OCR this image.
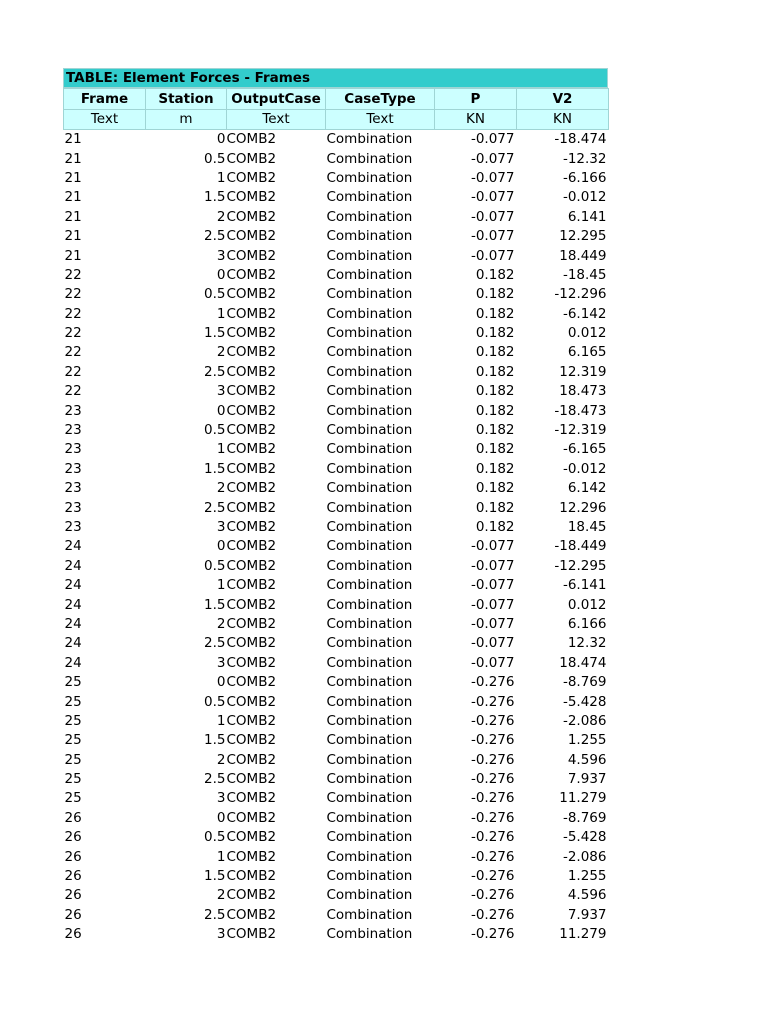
TABLE: Element Forces - Frames
Frame	Station	OutputCase	CaseType	P	V2
Text	m	Text	Text	KN	KN
21	0	COMB2	Combination	-0.077	-18.474
21	0.5	COMB2	Combination	-0.077	-12.32
21	1	COMB2	Combination	-0.077	-6.166
21	1.5	COMB2	Combination	-0.077	-0.012
21	2	COMB2	Combination	-0.077	6.141
21	2.5	COMB2	Combination	-0.077	12.295
21	3	COMB2	Combination	-0.077	18.449
22	0	COMB2	Combination	0.182	-18.45
22	0.5	COMB2	Combination	0.182	-12.296
22	1	COMB2	Combination	0.182	-6.142
22	1.5	COMB2	Combination	0.182	0.012
22	2	COMB2	Combination	0.182	6.165
22	2.5	COMB2	Combination	0.182	12.319
22	3	COMB2	Combination	0.182	18.473
23	0	COMB2	Combination	0.182	-18.473
23	0.5	COMB2	Combination	0.182	-12.319
23	1	COMB2	Combination	0.182	-6.165
23	1.5	COMB2	Combination	0.182	-0.012
23	2	COMB2	Combination	0.182	6.142
23	2.5	COMB2	Combination	0.182	12.296
23	3	COMB2	Combination	0.182	18.45
24	0	COMB2	Combination	-0.077	-18.449
24	0.5	COMB2	Combination	-0.077	-12.295
24	1	COMB2	Combination	-0.077	-6.141
24	1.5	COMB2	Combination	-0.077	0.012
24	2	COMB2	Combination	-0.077	6.166
24	2.5	COMB2	Combination	-0.077	12.32
24	3	COMB2	Combination	-0.077	18.474
25	0	COMB2	Combination	-0.276	-8.769
25	0.5	COMB2	Combination	-0.276	-5.428
25	1	COMB2	Combination	-0.276	-2.086
25	1.5	COMB2	Combination	-0.276	1.255
25	2	COMB2	Combination	-0.276	4.596
25	2.5	COMB2	Combination	-0.276	7.937
25	3	COMB2	Combination	-0.276	11.279
26	0	COMB2	Combination	-0.276	-8.769
26	0.5	COMB2	Combination	-0.276	-5.428
26	1	COMB2	Combination	-0.276	-2.086
26	1.5	COMB2	Combination	-0.276	1.255
26	2	COMB2	Combination	-0.276	4.596
26	2.5	COMB2	Combination	-0.276	7.937
26	3	COMB2	Combination	-0.276	11.279
